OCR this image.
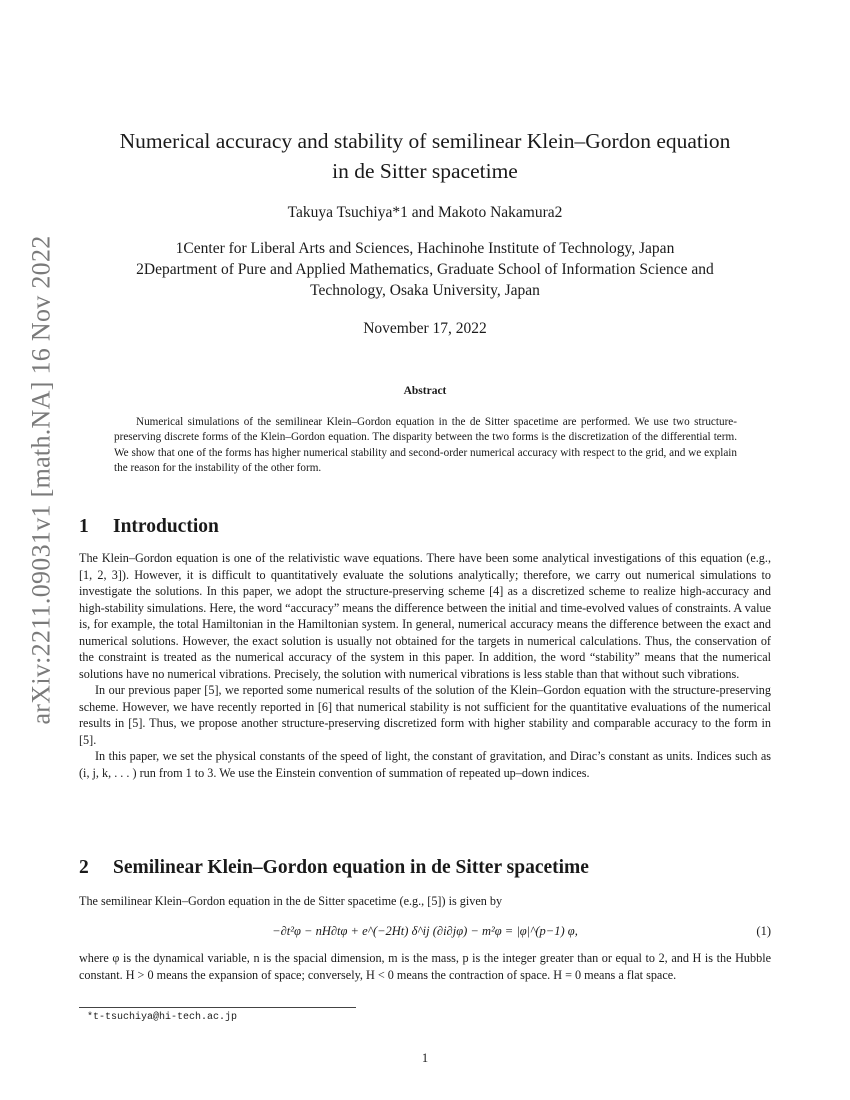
arXiv:2211.09031v1 [math.NA] 16 Nov 2022
Numerical accuracy and stability of semilinear Klein–Gordon equation
in de Sitter spacetime
Takuya Tsuchiya*1 and Makoto Nakamura2
1Center for Liberal Arts and Sciences, Hachinohe Institute of Technology, Japan
2Department of Pure and Applied Mathematics, Graduate School of Information Science and
Technology, Osaka University, Japan
November 17, 2022
Abstract
Numerical simulations of the semilinear Klein–Gordon equation in the de Sitter spacetime are performed. We use two structure-preserving discrete forms of the Klein–Gordon equation. The disparity between the two forms is the discretization of the differential term. We show that one of the forms has higher numerical stability and second-order numerical accuracy with respect to the grid, and we explain the reason for the instability of the other form.
1 Introduction

The Klein–Gordon equation is one of the relativistic wave equations. There have been some analytical investigations of this equation (e.g., [1, 2, 3]). However, it is difficult to quantitatively evaluate the solutions analytically; therefore, we carry out numerical simulations to investigate the solutions. In this paper, we adopt the structure-preserving scheme [4] as a discretized scheme to realize high-accuracy and high-stability simulations. Here, the word “accuracy” means the difference between the initial and time-evolved values of constraints. A value is, for example, the total Hamiltonian in the Hamiltonian system. In general, numerical accuracy means the difference between the exact and numerical solutions. However, the exact solution is usually not obtained for the targets in numerical calculations. Thus, the conservation of the constraint is treated as the numerical accuracy of the system in this paper. In addition, the word “stability” means that the numerical solutions have no numerical vibrations. Precisely, the solution with numerical vibrations is less stable than that without such vibrations.

In our previous paper [5], we reported some numerical results of the solution of the Klein–Gordon equation with the structure-preserving scheme. However, we have recently reported in [6] that numerical stability is not sufficient for the quantitative evaluations of the numerical results in [5]. Thus, we propose another structure-preserving discretized form with higher stability and comparable accuracy to the form in [5].

In this paper, we set the physical constants of the speed of light, the constant of gravitation, and Dirac’s constant as units. Indices such as (i, j, k, . . . ) run from 1 to 3. We use the Einstein convention of summation of repeated up–down indices.

2 Semilinear Klein–Gordon equation in de Sitter spacetime
The semilinear Klein–Gordon equation in the de Sitter spacetime (e.g., [5]) is given by
−∂t²φ − nH∂tφ + e^(−2Ht) δ^ij (∂i∂jφ) − m²φ = |φ|^(p−1) φ,	(1)
where φ is the dynamical variable, n is the spacial dimension, m is the mass, p is the integer greater than or equal to 2, and H is the Hubble constant. H > 0 means the expansion of space; conversely, H < 0 means the contraction of space. H = 0 means a flat space.
*t-tsuchiya@hi-tech.ac.jp
1
